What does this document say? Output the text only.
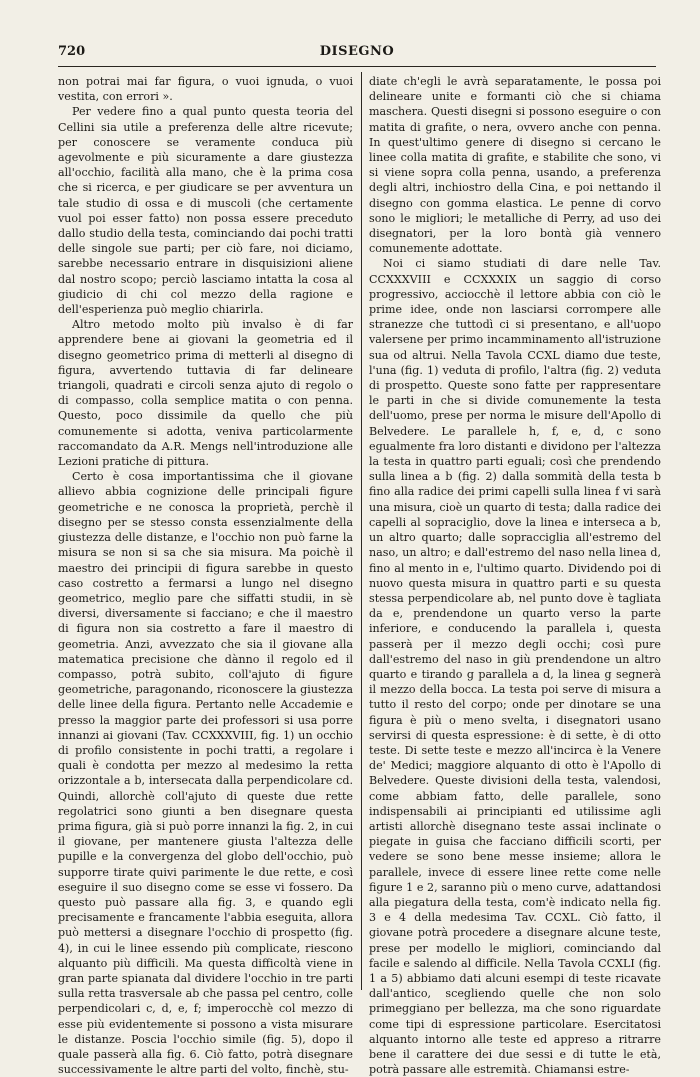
720	DISEGNO

non potrai mai far figura, o vuoi ignuda, o vuoi vestita, con errori ».

Per vedere fino a qual punto questa teoria del Cellini sia utile a preferenza delle altre ricevute; per conoscere se veramente conduca più agevolmente e più sicuramente a dare giustezza all'occhio, facilità alla mano, che è la prima cosa che si ricerca, e per giudicare se per avventura un tale studio di ossa e di muscoli (che certamente vuol poi esser fatto) non possa essere preceduto dallo studio della testa, cominciando dai pochi tratti delle singole sue parti; per ciò fare, noi diciamo, sarebbe necessario entrare in disquisizioni aliene dal nostro scopo; perciò lasciamo intatta la cosa al giudicio di chi col mezzo della ragione e dell'esperienza può meglio chiarirla.

Altro metodo molto più invalso è di far apprendere bene ai giovani la geometria ed il disegno geometrico prima di metterli al disegno di figura, avvertendo tuttavia di far delineare triangoli, quadrati e circoli senza ajuto di regolo o di compasso, colla semplice matita o con penna. Questo, poco dissimile da quello che più comunemente si adotta, veniva particolarmente raccomandato da A.R. Mengs nell'introduzione alle Lezioni pratiche di pittura.

Certo è cosa importantissima che il giovane allievo abbia cognizione delle principali figure geometriche e ne conosca la proprietà, perchè il disegno per se stesso consta essenzialmente della giustezza delle distanze, e l'occhio non può farne la misura se non si sa che sia misura. Ma poichè il maestro dei principii di figura sarebbe in questo caso costretto a fermarsi a lungo nel disegno geometrico, meglio pare che siffatti studii, in sè diversi, diversamente si facciano; e che il maestro di figura non sia costretto a fare il maestro di geometria. Anzi, avvezzato che sia il giovane alla matematica precisione che dànno il regolo ed il compasso, potrà subito, coll'ajuto di figure geometriche, paragonando, riconoscere la giustezza delle linee della figura. Pertanto nelle Accademie e presso la maggior parte dei professori si usa porre innanzi ai giovani (Tav. CCXXXVIII, fig. 1) un occhio di profilo consistente in pochi tratti, a regolare i quali è condotta per mezzo al medesimo la retta orizzontale a b, intersecata dalla perpendicolare cd. Quindi, allorchè coll'ajuto di queste due rette regolatrici sono giunti a ben disegnare questa prima figura, già si può porre innanzi la fig. 2, in cui il giovane, per mantenere giusta l'altezza delle pupille e la convergenza del globo dell'occhio, può supporre tirate quivi parimente le due rette, e così eseguire il suo disegno come se esse vi fossero. Da questo può passare alla fig. 3, e quando egli precisamente e francamente l'abbia eseguita, allora può mettersi a disegnare l'occhio di prospetto (fig. 4), in cui le linee essendo più complicate, riescono alquanto più difficili. Ma questa difficoltà viene in gran parte spianata dal dividere l'occhio in tre parti sulla retta trasversale ab che passa pel centro, colle perpendicolari c, d, e, f; imperocchè col mezzo di esse più evidentemente si possono a vista misurare le distanze. Poscia l'occhio simile (fig. 5), dopo il quale passerà alla fig. 6. Ciò fatto, potrà disegnare successivamente le altre parti del volto, finchè, stu-

diate ch'egli le avrà separatamente, le possa poi delineare unite e formanti ciò che si chiama maschera. Questi disegni si possono eseguire o con matita di grafite, o nera, ovvero anche con penna. In quest'ultimo genere di disegno si cercano le linee colla matita di grafite, e stabilite che sono, vi si viene sopra colla penna, usando, a preferenza degli altri, inchiostro della Cina, e poi nettando il disegno con gomma elastica. Le penne di corvo sono le migliori; le metalliche di Perry, ad uso dei disegnatori, per la loro bontà già vennero comunemente adottate.

Noi ci siamo studiati di dare nelle Tav. CCXXXVIII e CCXXXIX un saggio di corso progressivo, acciocchè il lettore abbia con ciò le prime idee, onde non lasciarsi corrompere alle stranezze che tuttodì ci si presentano, e all'uopo valersene per primo incamminamento all'istruzione sua od altrui. Nella Tavola CCXL diamo due teste, l'una (fig. 1) veduta di profilo, l'altra (fig. 2) veduta di prospetto. Queste sono fatte per rappresentare le parti in che si divide comunemente la testa dell'uomo, prese per norma le misure dell'Apollo di Belvedere. Le parallele h, f, e, d, c sono egualmente fra loro distanti e dividono per l'altezza la testa in quattro parti eguali; così che prendendo sulla linea a b (fig. 2) dalla sommità della testa b fino alla radice dei primi capelli sulla linea f vi sarà una misura, cioè un quarto di testa; dalla radice dei capelli al sopraciglio, dove la linea e interseca a b, un altro quarto; dalle sopracciglia all'estremo del naso, un altro; e dall'estremo del naso nella linea d, fino al mento in e, l'ultimo quarto. Dividendo poi di nuovo questa misura in quattro parti e su questa stessa perpendicolare ab, nel punto dove è tagliata da e, prendendone un quarto verso la parte inferiore, e conducendo la parallela i, questa passerà per il mezzo degli occhi; così pure dall'estremo del naso in giù prendendone un altro quarto e tirando g parallela a d, la linea g segnerà il mezzo della bocca. La testa poi serve di misura a tutto il resto del corpo; onde per dinotare se una figura è più o meno svelta, i disegnatori usano servirsi di questa espressione: è di sette, è di otto teste. Di sette teste e mezzo all'incirca è la Venere de' Medici; maggiore alquanto di otto è l'Apollo di Belvedere. Queste divisioni della testa, valendosi, come abbiam fatto, delle parallele, sono indispensabili ai principianti ed utilissime agli artisti allorchè disegnano teste assai inclinate o piegate in guisa che facciano difficili scorti, per vedere se sono bene messe insieme; allora le parallele, invece di essere linee rette come nelle figure 1 e 2, saranno più o meno curve, adattandosi alla piegatura della testa, com'è indicato nella fig. 3 e 4 della medesima Tav. CCXL. Ciò fatto, il giovane potrà procedere a disegnare alcune teste, prese per modello le migliori, cominciando dal facile e salendo al difficile. Nella Tavola CCXLI (fig. 1 a 5) abbiamo dati alcuni esempi di teste ricavate dall'antico, scegliendo quelle che non solo primeggiano per bellezza, ma che sono riguardate come tipi di espressione particolare. Esercitatosi alquanto intorno alle teste ed appreso a ritrarre bene il carattere dei due sessi e di tutte le età, potrà passare alle estremità. Chiamansi estre-
